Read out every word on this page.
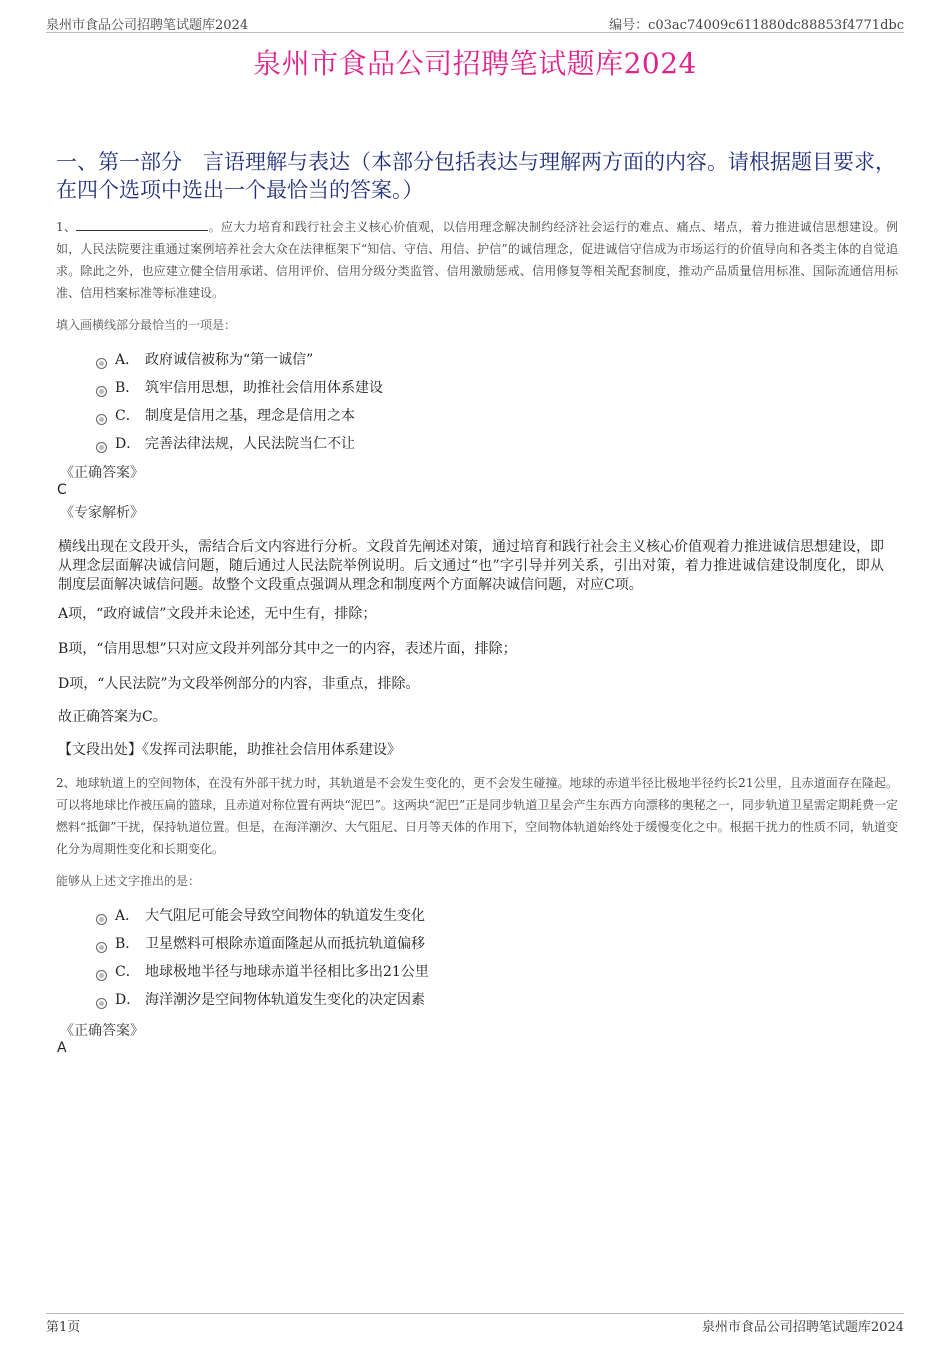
泉州市食品公司招聘笔试题库2024	编号：c03ac74009c611880dc88853f4771dbc
泉州市食品公司招聘笔试题库2024
一、第一部分　言语理解与表达（本部分包括表达与理解两方面的内容。请根据题目要求，在四个选项中选出一个最恰当的答案。）
1、	。应大力培育和践行社会主义核心价值观，以信用理念解决制约经济社会运行的难点、痛点、堵点，着力推进诚信思想建设。例如，人民法院要注重通过案例培养社会大众在法律框架下“知信、守信、用信、护信”的诚信理念，促进诚信守信成为市场运行的价值导向和各类主体的自觉追求。除此之外，也应建立健全信用承诺、信用评价、信用分级分类监管、信用激励惩戒、信用修复等相关配套制度，推动产品质量信用标准、国际流通信用标准、信用档案标准等标准建设。
填入画横线部分最恰当的一项是：
A． 政府诚信被称为“第一诚信”
B． 筑牢信用思想，助推社会信用体系建设
C． 制度是信用之基，理念是信用之本
D． 完善法律法规，人民法院当仁不让
《正确答案》
C
《专家解析》
横线出现在文段开头，需结合后文内容进行分析。文段首先阐述对策，通过培育和践行社会主义核心价值观着力推进诚信思想建设，即从理念层面解决诚信问题，随后通过人民法院举例说明。后文通过“也”字引导并列关系，引出对策，着力推进诚信建设制度化，即从制度层面解决诚信问题。故整个文段重点强调从理念和制度两个方面解决诚信问题，对应C项。
A项，“政府诚信”文段并未论述，无中生有，排除；
B项，“信用思想”只对应文段并列部分其中之一的内容，表述片面，排除；
D项，“人民法院”为文段举例部分的内容，非重点，排除。
故正确答案为C。
【文段出处】《发挥司法职能，助推社会信用体系建设》
2、地球轨道上的空间物体，在没有外部干扰力时，其轨道是不会发生变化的，更不会发生碰撞。地球的赤道半径比极地半径约长21公里，且赤道面存在隆起。可以将地球比作被压扁的篮球，且赤道对称位置有两块“泥巴”。这两块“泥巴”正是同步轨道卫星会产生东西方向漂移的奥秘之一，同步轨道卫星需定期耗费一定燃料“抵御”干扰，保持轨道位置。但是，在海洋潮汐、大气阻尼、日月等天体的作用下，空间物体轨道始终处于缓慢变化之中。根据干扰力的性质不同，轨道变化分为周期性变化和长期变化。
能够从上述文字推出的是：
A． 大气阻尼可能会导致空间物体的轨道发生变化
B． 卫星燃料可根除赤道面隆起从而抵抗轨道偏移
C． 地球极地半径与地球赤道半径相比多出21公里
D． 海洋潮汐是空间物体轨道发生变化的决定因素
《正确答案》
A
第1页	泉州市食品公司招聘笔试题库2024
